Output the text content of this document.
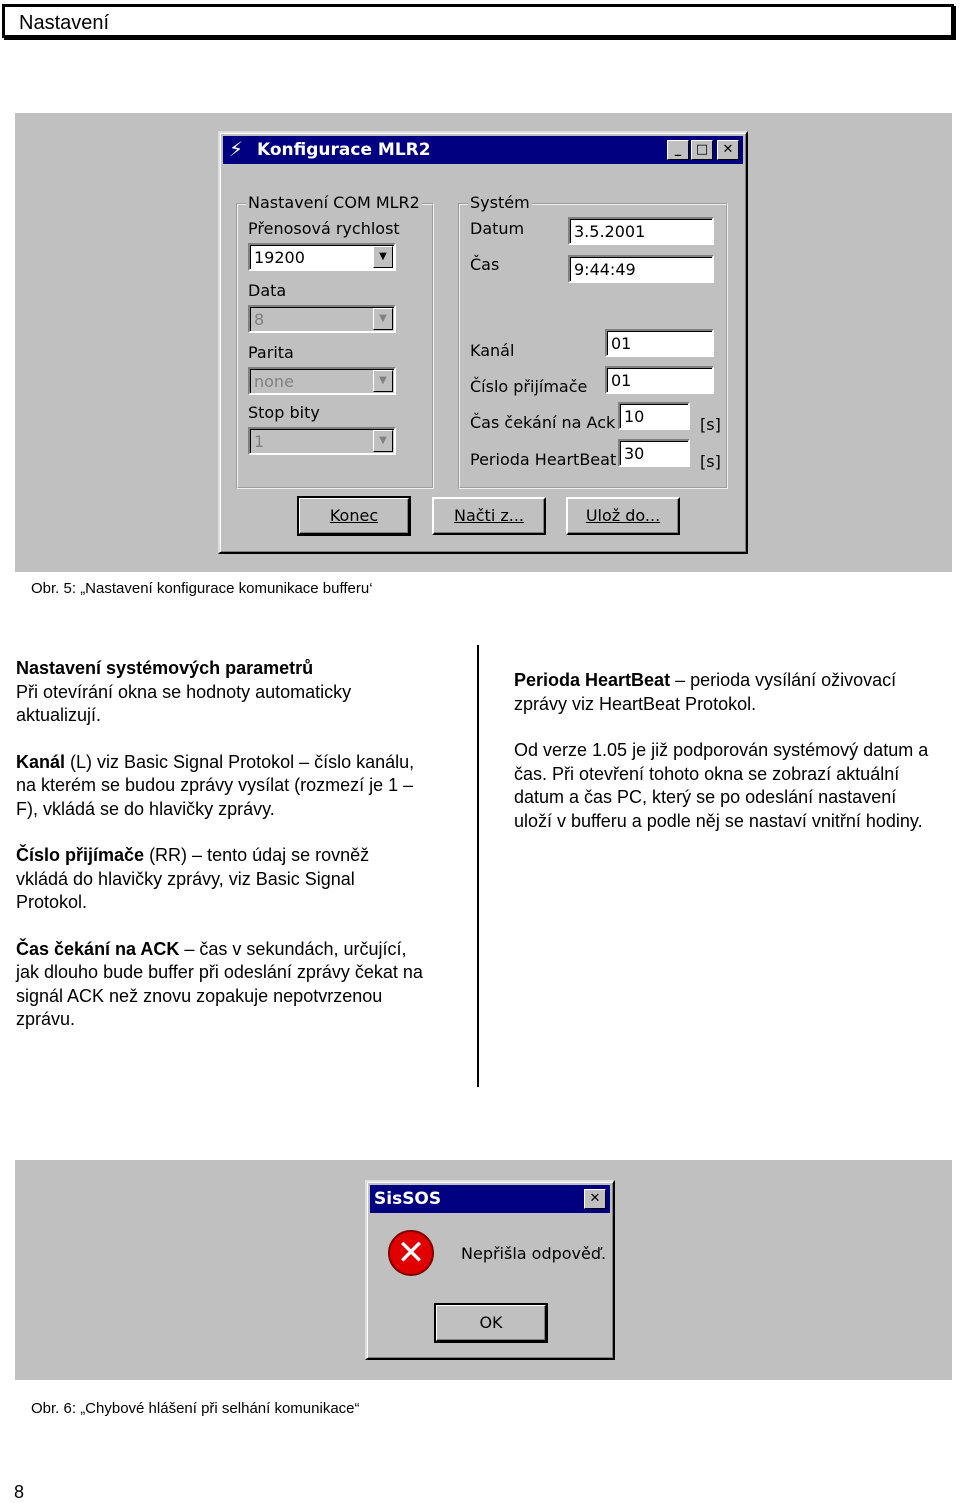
Nastavení
⚡ Konfigurace MLR2	_	□	✕
Nastavení COM MLR2
Přenosová rychlost
19200	▼
Data
8	▼
Parita
none	▼
Stop bity
1	▼
Systém
Datum	3.5.2001
Čas	9:44:49
Kanál	01
Číslo přijímače	01
Čas čekání na Ack 10	[s]
Perioda HeartBeat 30	[s]
Konec	Načti z...	Ulož do...
Obr. 5: „Nastavení konfigurace komunikace bufferu‘

Nastavení systémových parametrů

Při otevírání okna se hodnoty automaticky aktualizují.

Kanál (L) viz Basic Signal Protokol – číslo kanálu, na kterém se budou zprávy vysílat (rozmezí je 1 – F), vkládá se do hlavičky zprávy.

Číslo přijímače (RR) – tento údaj se rovněž vkládá do hlavičky zprávy, viz Basic Signal Protokol.

Čas čekání na ACK – čas v sekundách, určující, jak dlouho bude buffer při odeslání zprávy čekat na signál ACK než znovu zopakuje nepotvrzenou zprávu.

Perioda HeartBeat – perioda vysílání oživovací zprávy viz HeartBeat Protokol.

Od verze 1.05 je již podporován systémový datum a čas. Při otevření tohoto okna se zobrazí aktuální datum a čas PC, který se po odeslání nastavení uloží v bufferu a podle něj se nastaví vnitřní hodiny.

SisSOS	✕
Nepřišla odpověď.
OK
✕
Obr. 6: „Chybové hlášení při selhání komunikace“
8
